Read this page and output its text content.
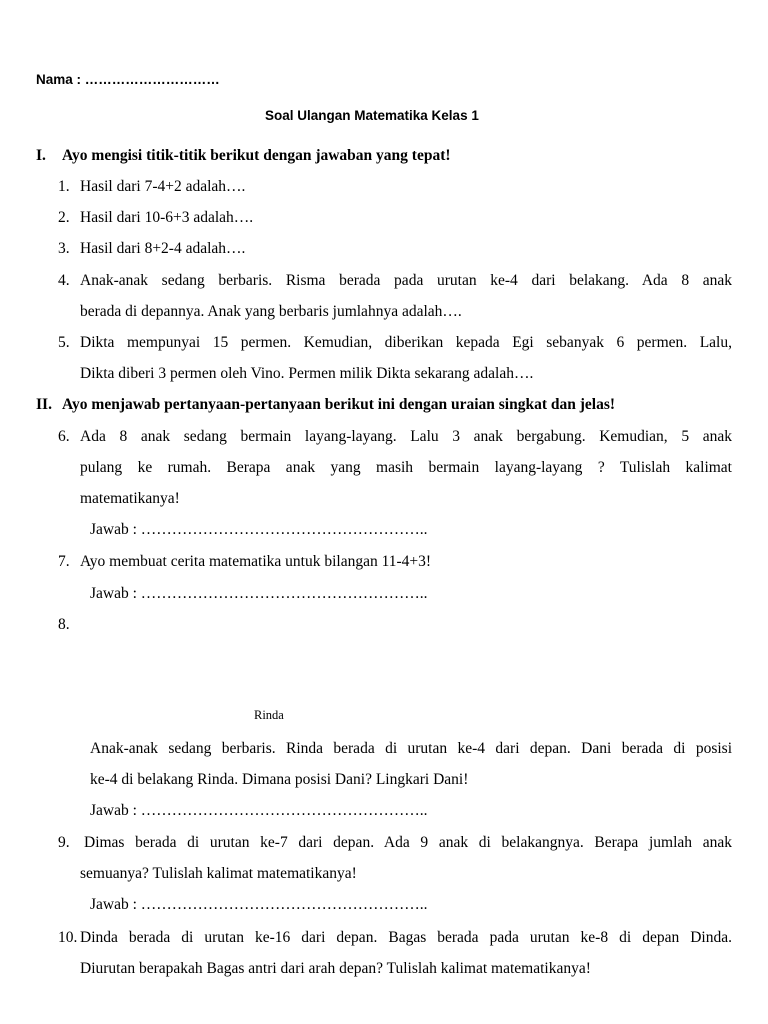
Nama : …………………………
Soal Ulangan Matematika Kelas 1
I. Ayo mengisi titik-titik berikut dengan jawaban yang tepat!
1. Hasil dari 7-4+2 adalah….
2. Hasil dari 10-6+3 adalah….
3. Hasil dari 8+2-4 adalah….
4. Anak-anak sedang berbaris. Risma berada pada urutan ke-4 dari belakang. Ada 8 anak
berada di depannya. Anak yang berbaris jumlahnya adalah….
5. Dikta mempunyai 15 permen. Kemudian, diberikan kepada Egi sebanyak 6 permen. Lalu,
Dikta diberi 3 permen oleh Vino. Permen milik Dikta sekarang adalah….
II. Ayo menjawab pertanyaan-pertanyaan berikut ini dengan uraian singkat dan jelas!
6. Ada 8 anak sedang bermain layang-layang. Lalu 3 anak bergabung. Kemudian, 5 anak
pulang ke rumah. Berapa anak yang masih bermain layang-layang ? Tulislah kalimat
matematikanya!
Jawab : ………………………………………………..
7. Ayo membuat cerita matematika untuk bilangan 11-4+3!
Jawab : ………………………………………………..
8.
Rinda
Anak-anak sedang berbaris. Rinda berada di urutan ke-4 dari depan. Dani berada di posisi
ke-4 di belakang Rinda. Dimana posisi Dani? Lingkari Dani!
Jawab : ………………………………………………..
9. Dimas berada di urutan ke-7 dari depan. Ada 9 anak di belakangnya. Berapa jumlah anak
semuanya? Tulislah kalimat matematikanya!
Jawab : ………………………………………………..
10. Dinda berada di urutan ke-16 dari depan. Bagas berada pada urutan ke-8 di depan Dinda.
Diurutan berapakah Bagas antri dari arah depan? Tulislah kalimat matematikanya!
